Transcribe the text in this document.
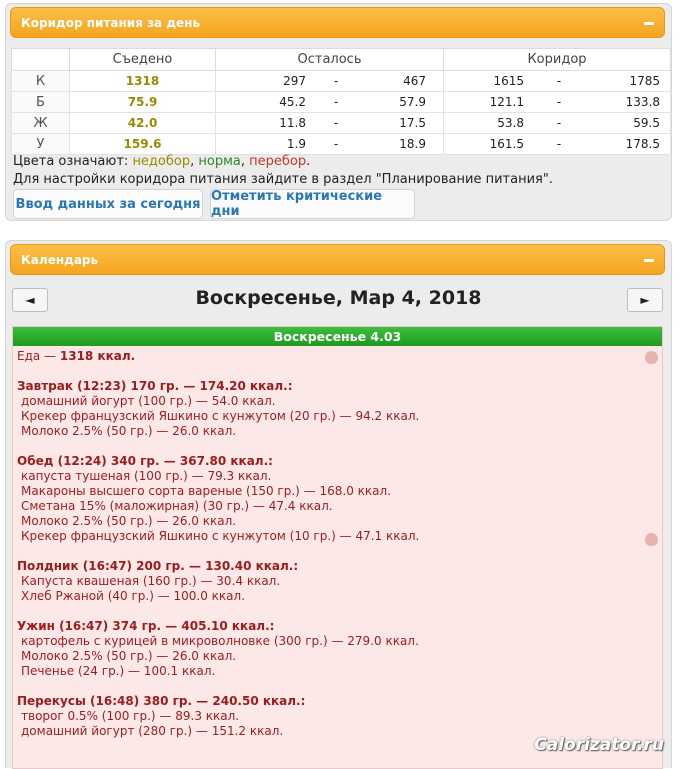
Коридор питания за день
	Съедено	Осталось	Коридор
К	1318	297 - 467	1615 - 1785

Б	75.9	45.2 - 57.9	121.1 - 133.8

Ж	42.0	11.8 - 17.5	53.8 - 59.5

У	159.6	1.9 - 18.9	161.5 - 178.5
Цвета означают: недобор, норма, перебор.
Для настройки коридора питания зайдите в раздел "Планирование питания".
Ввод данных за сегодня Отметить критические дни
Календарь
◄	Воскресенье, Мар 4, 2018	►
Воскресенье 4.03
Еда — 1318 ккал.
Завтрак (12:23) 170 гр. — 174.20 ккал.:
домашний йогурт (100 гр.) — 54.0 ккал.
Крекер французский Яшкино с кунжутом (20 гр.) — 94.2 ккал.
Молоко 2.5% (50 гр.) — 26.0 ккал.
Обед (12:24) 340 гр. — 367.80 ккал.:
капуста тушеная (100 гр.) — 79.3 ккал.
Макароны высшего сорта вареные (150 гр.) — 168.0 ккал.
Сметана 15% (маложирная) (30 гр.) — 47.4 ккал.
Молоко 2.5% (50 гр.) — 26.0 ккал.
Крекер французский Яшкино с кунжутом (10 гр.) — 47.1 ккал.
Полдник (16:47) 200 гр. — 130.40 ккал.:
Капуста квашеная (160 гр.) — 30.4 ккал.
Хлеб Ржаной (40 гр.) — 100.0 ккал.
Ужин (16:47) 374 гр. — 405.10 ккал.:
картофель с курицей в микроволновке (300 гр.) — 279.0 ккал.
Молоко 2.5% (50 гр.) — 26.0 ккал.
Печенье (24 гр.) — 100.1 ккал.
Перекусы (16:48) 380 гр. — 240.50 ккал.:
творог 0.5% (100 гр.) — 89.3 ккал.
домашний йогурт (280 гр.) — 151.2 ккал.
Calorizator.ru
